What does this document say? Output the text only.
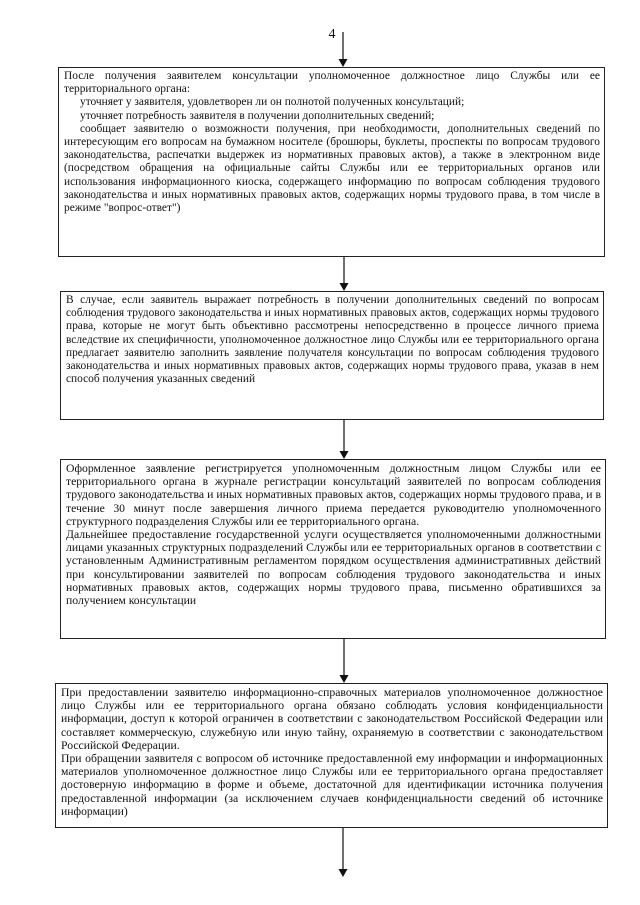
4

После получения заявителем консультации уполномоченное должностное лицо Службы или ее территориального органа:

уточняет у заявителя, удовлетворен ли он полнотой полученных консультаций;

уточняет потребность заявителя в получении дополнительных сведений;

сообщает заявителю о возможности получения, при необходимости, дополнительных сведений по интересующим его вопросам на бумажном носителе (брошюры, буклеты, проспекты по вопросам трудового законодательства, распечатки выдержек из нормативных правовых актов), а также в электронном виде (посредством обращения на официальные сайты Службы или ее территориальных органов или использования информационного киоска, содержащего информацию по вопросам соблюдения трудового законодательства и иных нормативных правовых актов, содержащих нормы трудового права, в том числе в режиме "вопрос-ответ")

В случае, если заявитель выражает потребность в получении дополнительных сведений по вопросам соблюдения трудового законодательства и иных нормативных правовых актов, содержащих нормы трудового права, которые не могут быть объективно рассмотрены непосредственно в процессе личного приема вследствие их специфичности, уполномоченное должностное лицо Службы или ее территориального органа предлагает заявителю заполнить заявление получателя консультации по вопросам соблюдения трудового законодательства и иных нормативных правовых актов, содержащих нормы трудового права, указав в нем способ получения указанных сведений

Оформленное заявление регистрируется уполномоченным должностным лицом Службы или ее территориального органа в журнале регистрации консультаций заявителей по вопросам соблюдения трудового законодательства и иных нормативных правовых актов, содержащих нормы трудового права, и в течение 30 минут после завершения личного приема передается руководителю уполномоченного структурного подразделения Службы или ее территориального органа.

Дальнейшее предоставление государственной услуги осуществляется уполномоченными должностными лицами указанных структурных подразделений Службы или ее территориальных органов в соответствии с установленным Административным регламентом порядком осуществления административных действий при консультировании заявителей по вопросам соблюдения трудового законодательства и иных нормативных правовых актов, содержащих нормы трудового права, письменно обратившихся за получением консультации

При предоставлении заявителю информационно-справочных материалов уполномоченное должностное лицо Службы или ее территориального органа обязано соблюдать условия конфиденциальности информации, доступ к которой ограничен в соответствии с законодательством Российской Федерации или составляет коммерческую, служебную или иную тайну, охраняемую в соответствии с законодательством Российской Федерации.

При обращении заявителя с вопросом об источнике предоставленной ему информации и информационных материалов уполномоченное должностное лицо Службы или ее территориального органа предоставляет достоверную информацию в форме и объеме, достаточной для идентификации источника получения предоставленной информации (за исключением случаев конфиденциальности сведений об источнике информации)
